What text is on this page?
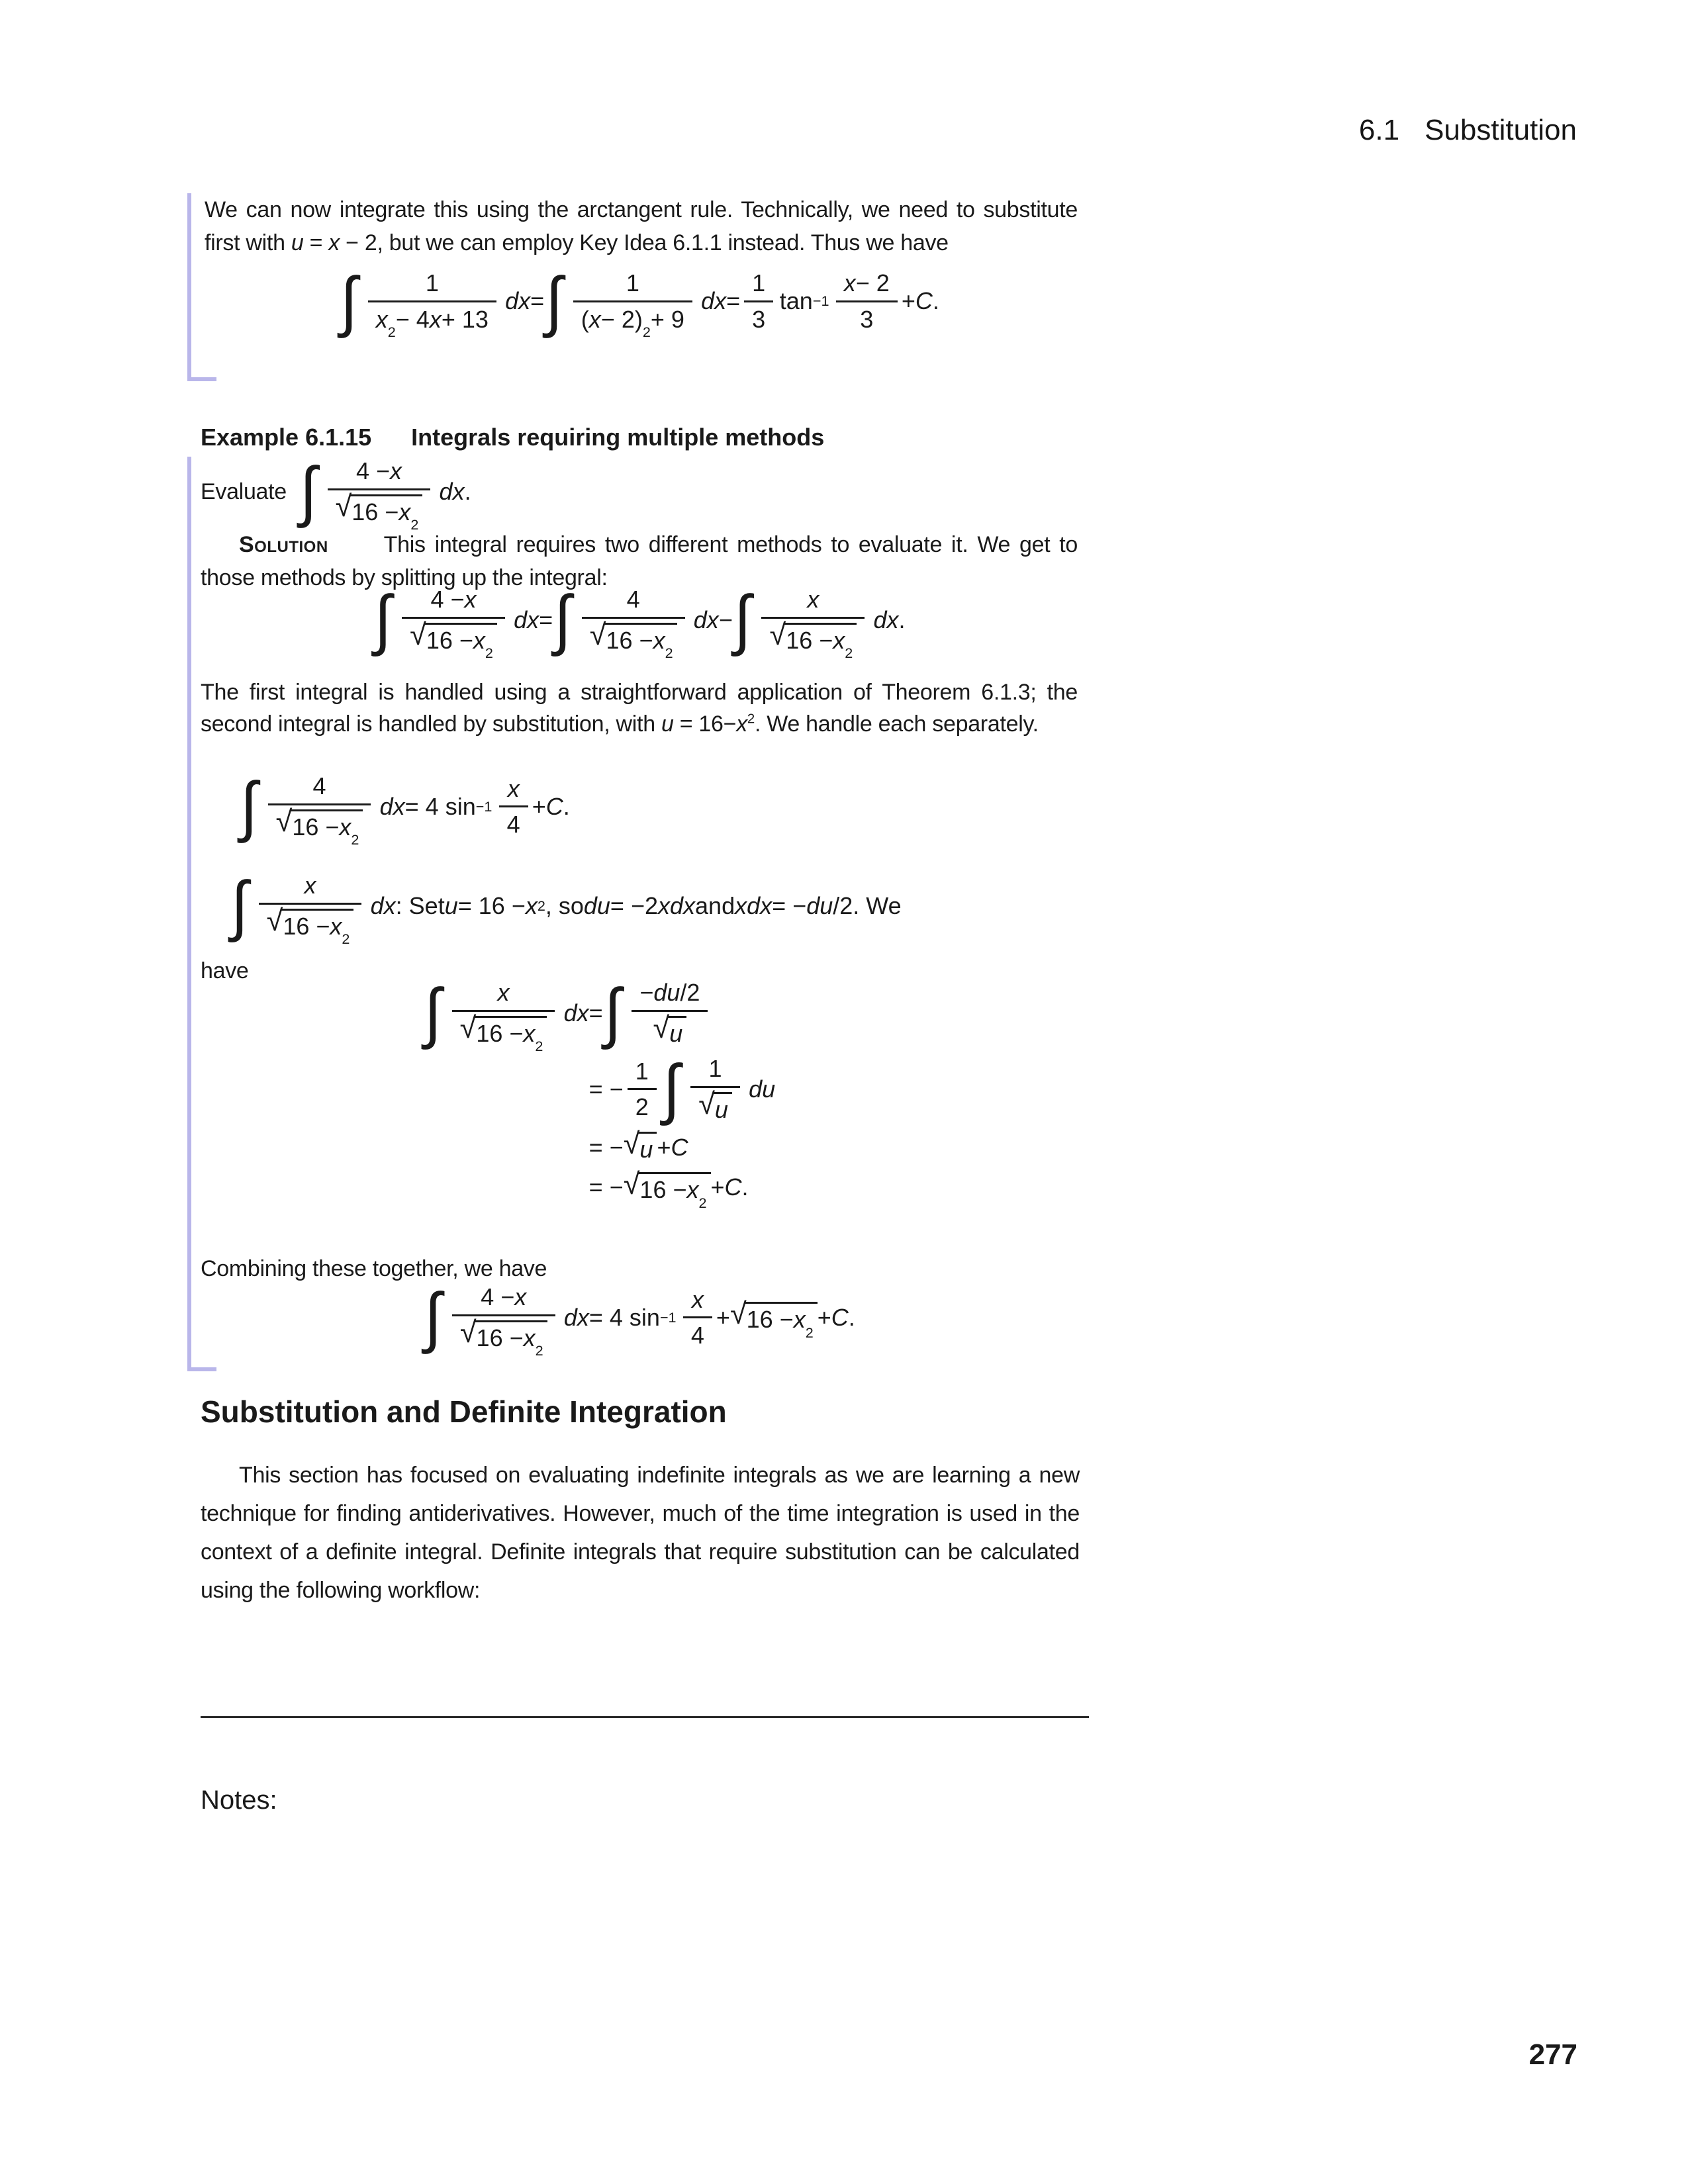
6.1 Substitution

We can now integrate this using the arctangent rule. Technically, we need to substitute first with u = x − 2, but we can employ Key Idea 6.1.1 instead. Thus we have

∫	1
x 2 − 4 x + 13
dx = ∫	1
( x − 2) 2 + 9
dx = $\frac{1}{3}$ tan −1
x − 2
3
+ C .
Example 6.1.15 Integrals requiring multiple methods
Evaluate ∫ 4 − x
√ 16 − x 2
dx .

Solution This integral requires two different methods to evaluate it. We get to those methods by splitting up the integral:

∫ 4 − x
√ 16 − x 2
dx = ∫ 4
√ 16 − x 2
dx − ∫ x
√ 16 − x 2
dx .

The first integral is handled using a straightforward application of Theorem 6.1.3; the second integral is handled by substitution, with $u = 16-x^2$. We handle each separately.

∫ 4
√ 16 − x 2
dx = 4 sin −1
x
4
+ C .
∫ x
√ 16 − x 2
dx : Set u = 16 − x 2 , so du = −2 xdx and xdx = − du /2. We

have

∫ x
√ 16 − x 2
dx = ∫ − du /2
√ u
= − $\frac{1}{2}$ ∫ 1
√ u
du
= − √ u + C
= − √ 16 − x 2
+ C .

Combining these together, we have

∫ 4 − x
√ 16 − x 2
dx = 4 sin −1
x
4
+ √ 16 − x 2
+ C .
Substitution and Definite Integration

This section has focused on evaluating indefinite integrals as we are learning a new technique for finding antiderivatives. However, much of the time integration is used in the context of a definite integral. Definite integrals that require substitution can be calculated using the following workflow:

Notes:
277
